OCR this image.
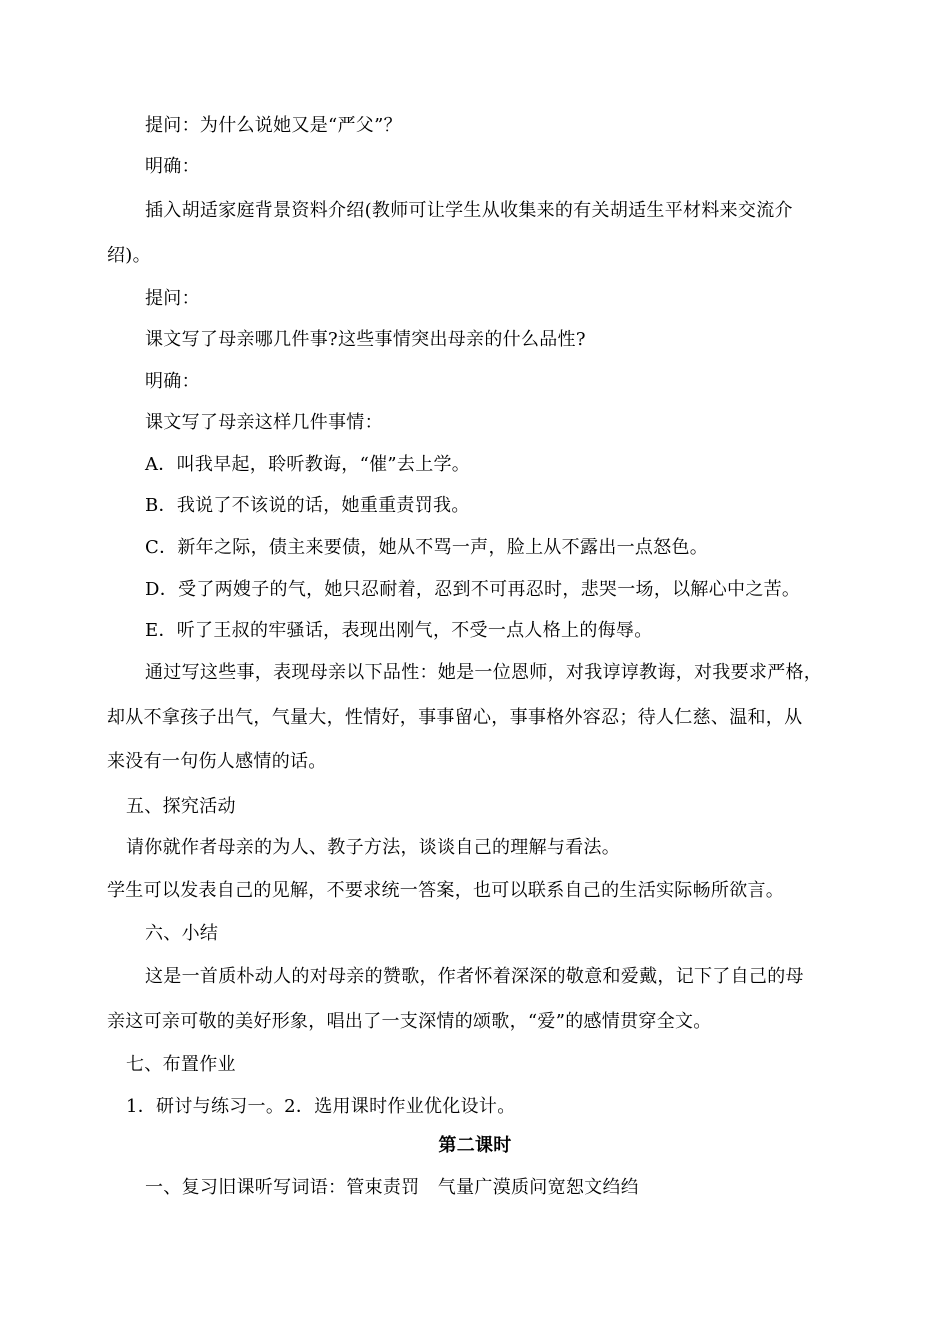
提问：为什么说她又是“严父”？
明确：
插入胡适家庭背景资料介绍(教师可让学生从收集来的有关胡适生平材料来交流介
绍)。
提问：
课文写了母亲哪几件事?这些事情突出母亲的什么品性?
明确：
课文写了母亲这样几件事情：
A．叫我早起，聆听教诲，“催”去上学。
B．我说了不该说的话，她重重责罚我。
C．新年之际，债主来要债，她从不骂一声，脸上从不露出一点怒色。
D．受了两嫂子的气，她只忍耐着，忍到不可再忍时，悲哭一场，以解心中之苦。
E．听了王叔的牢骚话，表现出刚气，不受一点人格上的侮辱。
通过写这些事，表现母亲以下品性：她是一位恩师，对我谆谆教诲，对我要求严格，
却从不拿孩子出气，气量大，性情好，事事留心，事事格外容忍；待人仁慈、温和，从
来没有一句伤人感情的话。
五、探究活动
请你就作者母亲的为人、教子方法，谈谈自己的理解与看法。
学生可以发表自己的见解，不要求统一答案，也可以联系自己的生活实际畅所欲言。
六、小结
这是一首质朴动人的对母亲的赞歌，作者怀着深深的敬意和爱戴，记下了自己的母
亲这可亲可敬的美好形象，唱出了一支深情的颂歌，“爱”的感情贯穿全文。
七、布置作业
1．研讨与练习一。2．选用课时作业优化设计。
第二课时
一、复习旧课听写词语：管束责罚　气量广漠质问宽恕文绉绉
